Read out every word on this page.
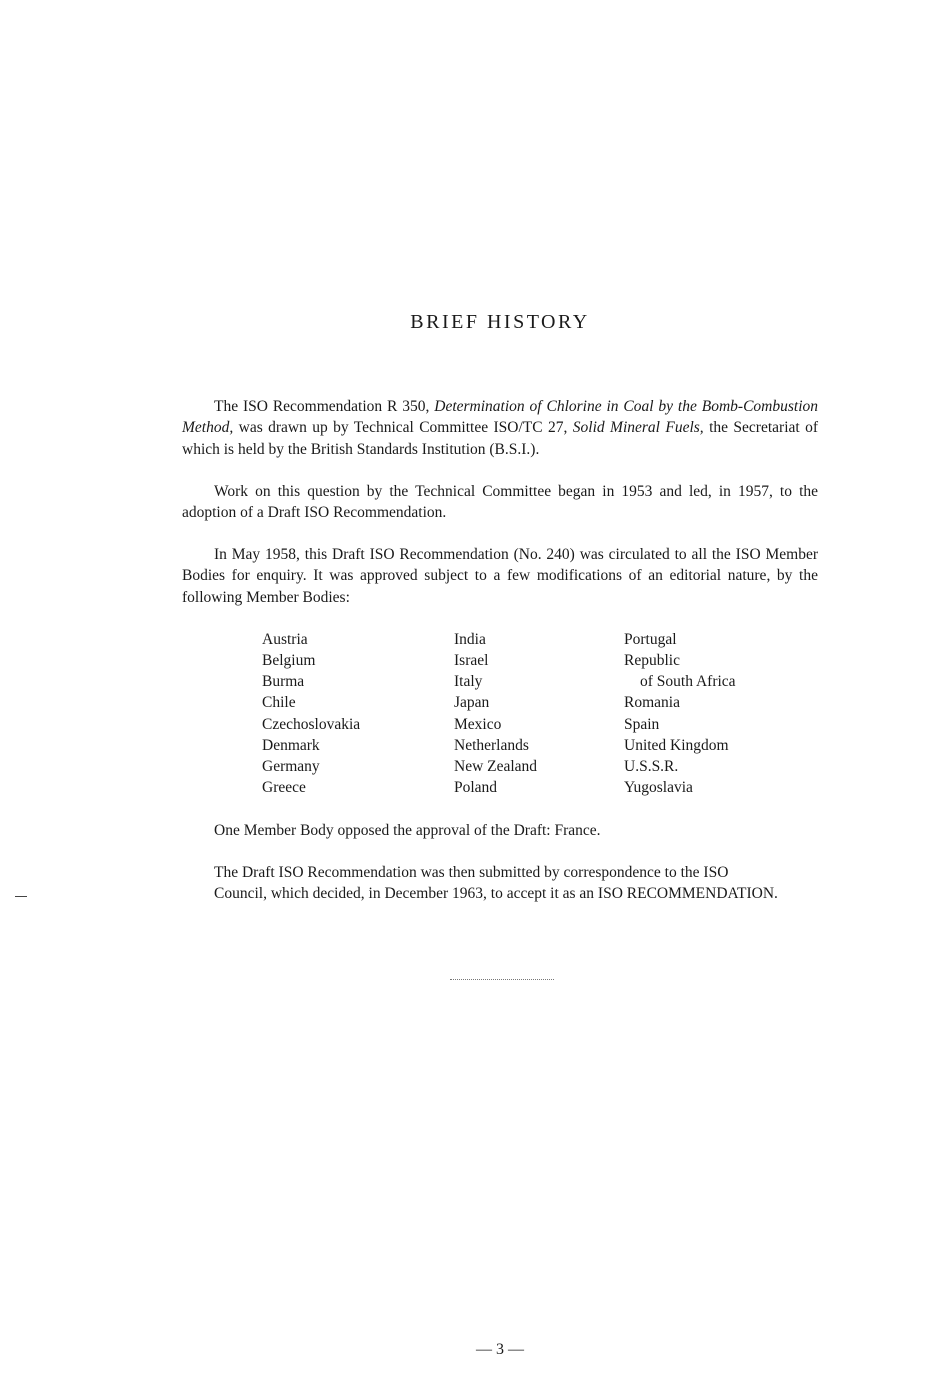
BRIEF HISTORY

The ISO Recommendation R 350, Determination of Chlorine in Coal by the Bomb-Combustion Method, was drawn up by Technical Committee ISO/TC 27, Solid Mineral Fuels, the Secretariat of which is held by the British Standards Institution (B.S.I.).

Work on this question by the Technical Committee began in 1953 and led, in 1957, to the adoption of a Draft ISO Recommendation.

In May 1958, this Draft ISO Recommendation (No. 240) was circulated to all the ISO Member Bodies for enquiry. It was approved subject to a few modifications of an editorial nature, by the following Member Bodies:

Austria
Belgium
Burma
Chile
Czechoslovakia
Denmark
Germany
Greece
India
Israel
Italy
Japan
Mexico
Netherlands
New Zealand
Poland
Portugal
Republic
of South Africa
Romania
Spain
United Kingdom
U.S.S.R.
Yugoslavia

One Member Body opposed the approval of the Draft: France.

The Draft ISO Recommendation was then submitted by correspondence to the ISO
Council, which decided, in December 1963, to accept it as an ISO RECOMMENDATION.

— 3 —
